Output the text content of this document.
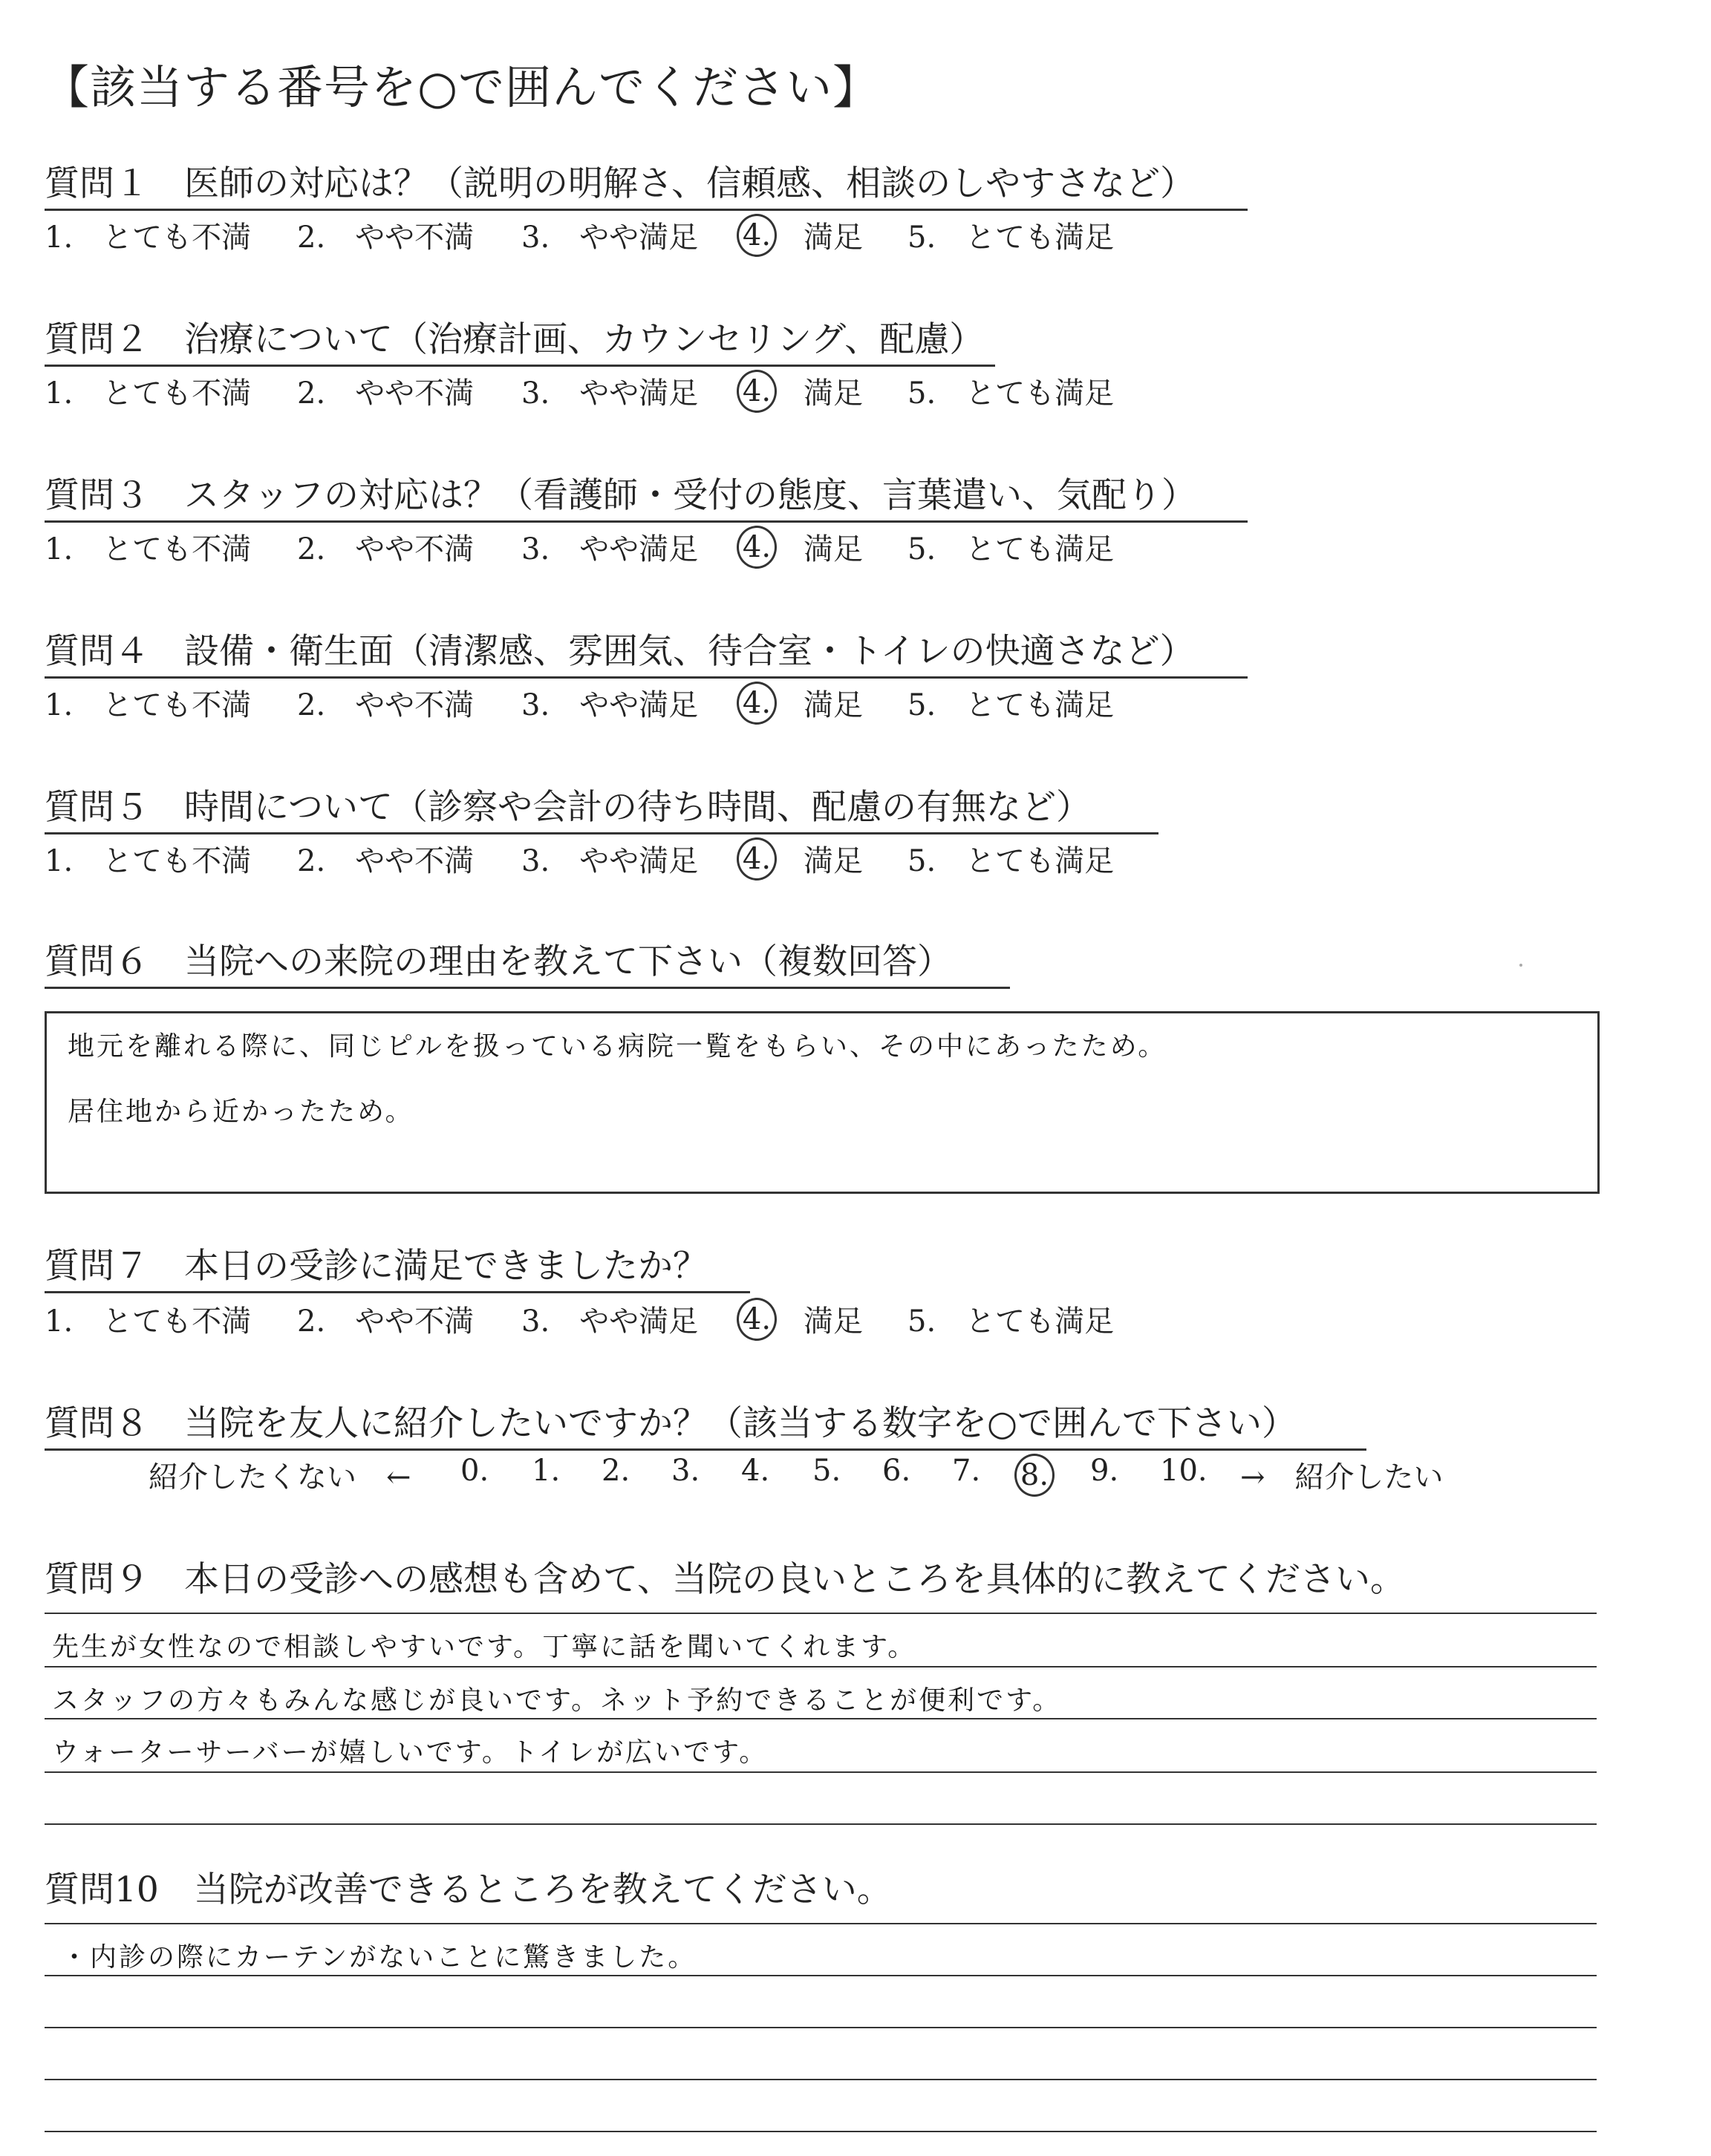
【該当する番号を○で囲んでください】
質問１　医師の対応は？（説明の明解さ、信頼感、相談のしやすさなど）
1.　とても不満 2.　やや不満 3.　やや満足 4. 満足 5.　とても満足
質問２　治療について（治療計画、カウンセリング、配慮）
1.　とても不満 2.　やや不満 3.　やや満足 4. 満足 5.　とても満足
質問３　スタッフの対応は？（看護師・受付の態度、言葉遣い、気配り）
1.　とても不満 2.　やや不満 3.　やや満足 4. 満足 5.　とても満足
質問４　設備・衛生面（清潔感、雰囲気、待合室・トイレの快適さなど）
1.　とても不満 2.　やや不満 3.　やや満足 4. 満足 5.　とても満足
質問５　時間について（診察や会計の待ち時間、配慮の有無など）
1.　とても不満 2.　やや不満 3.　やや満足 4. 満足 5.　とても満足
質問６　当院への来院の理由を教えて下さい（複数回答）
地元を離れる際に、同じピルを扱っている病院一覧をもらい、その中にあったため。
居住地から近かったため。
質問７　本日の受診に満足できましたか？
1.　とても不満 2.　やや不満 3.　やや満足 4. 満足 5.　とても満足
質問８　当院を友人に紹介したいですか？（該当する数字を○で囲んで下さい）
紹介したくない　← 0. 1. 2. 3. 4. 5. 6. 7. 8. 9. 10. →　紹介したい
質問９　本日の受診への感想も含めて、当院の良いところを具体的に教えてください。
先生が女性なので相談しやすいです。丁寧に話を聞いてくれます。
スタッフの方々もみんな感じが良いです。ネット予約できることが便利です。
ウォーターサーバーが嬉しいです。トイレが広いです。
質問10　当院が改善できるところを教えてください。
・内診の際にカーテンがないことに驚きました。
